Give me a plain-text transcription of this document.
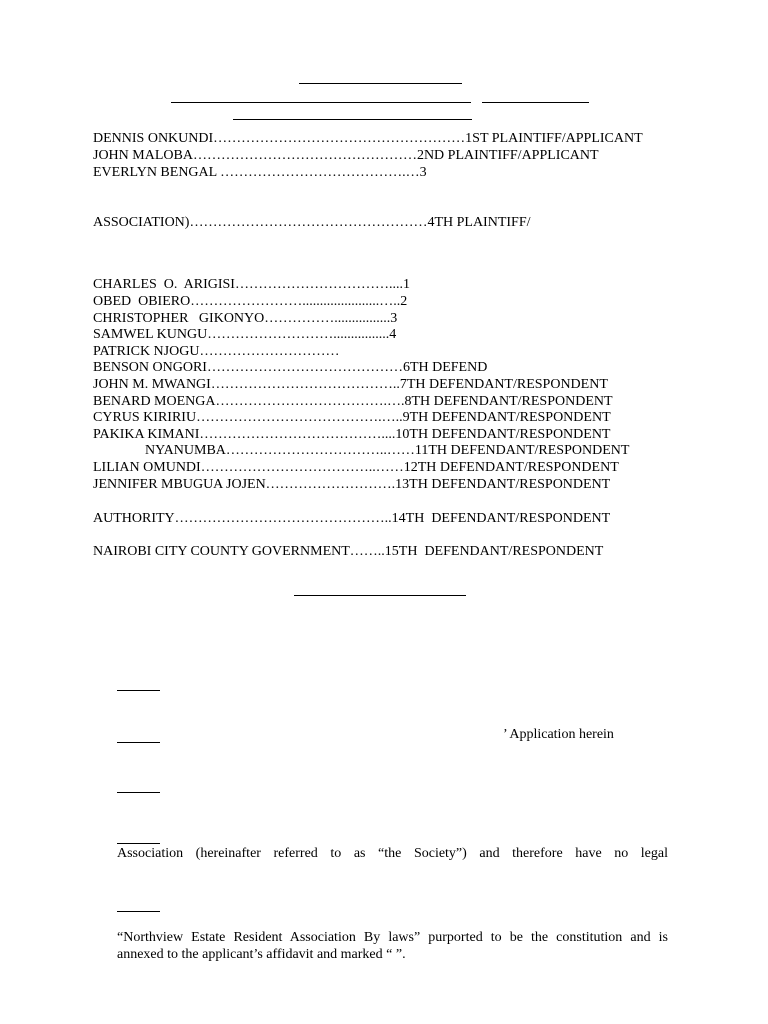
DENNIS ONKUNDI………………………………………………1ST PLAINTIFF/APPLICANT
JOHN MALOBA…………………………………………2ND PLAINTIFF/APPLICANT
EVERLYN BENGAL ………………………………….…3
ASSOCIATION)……………………………………………4TH PLAINTIFF/
CHARLES  O.  ARIGISI……………………………....1
OBED  OBIERO……………………......................…..2
CHRISTOPHER   GIKONYO……………................3
SAMWEL KUNGU………………………................4
PATRICK NJOGU…………………………
BENSON ONGORI……………………………………6TH DEFEND
JOHN M. MWANGI…………………………………..7TH DEFENDANT/RESPONDENT
BENARD MOENGA……………………………….….8TH DEFENDANT/RESPONDENT
CYRUS KIRIRIU………………………………….…..9TH DEFENDANT/RESPONDENT
PAKIKA KIMANI…………………………………....10TH DEFENDANT/RESPONDENT
NYANUMBA……………………………..……11TH DEFENDANT/RESPONDENT
LILIAN OMUNDI………………………………..……12TH DEFENDANT/RESPONDENT
JENNIFER MBUGUA JOJEN……………………….13TH DEFENDANT/RESPONDENT
AUTHORITY………………………………………..14TH  DEFENDANT/RESPONDENT
NAIROBI CITY COUNTY GOVERNMENT……..15TH  DEFENDANT/RESPONDENT
’ Application herein
Association (hereinafter referred to as “the Society”) and therefore have no legal
“Northview Estate Resident Association By laws” purported to be the constitution and is
annexed to the applicant’s affidavit and marked “ ”.
